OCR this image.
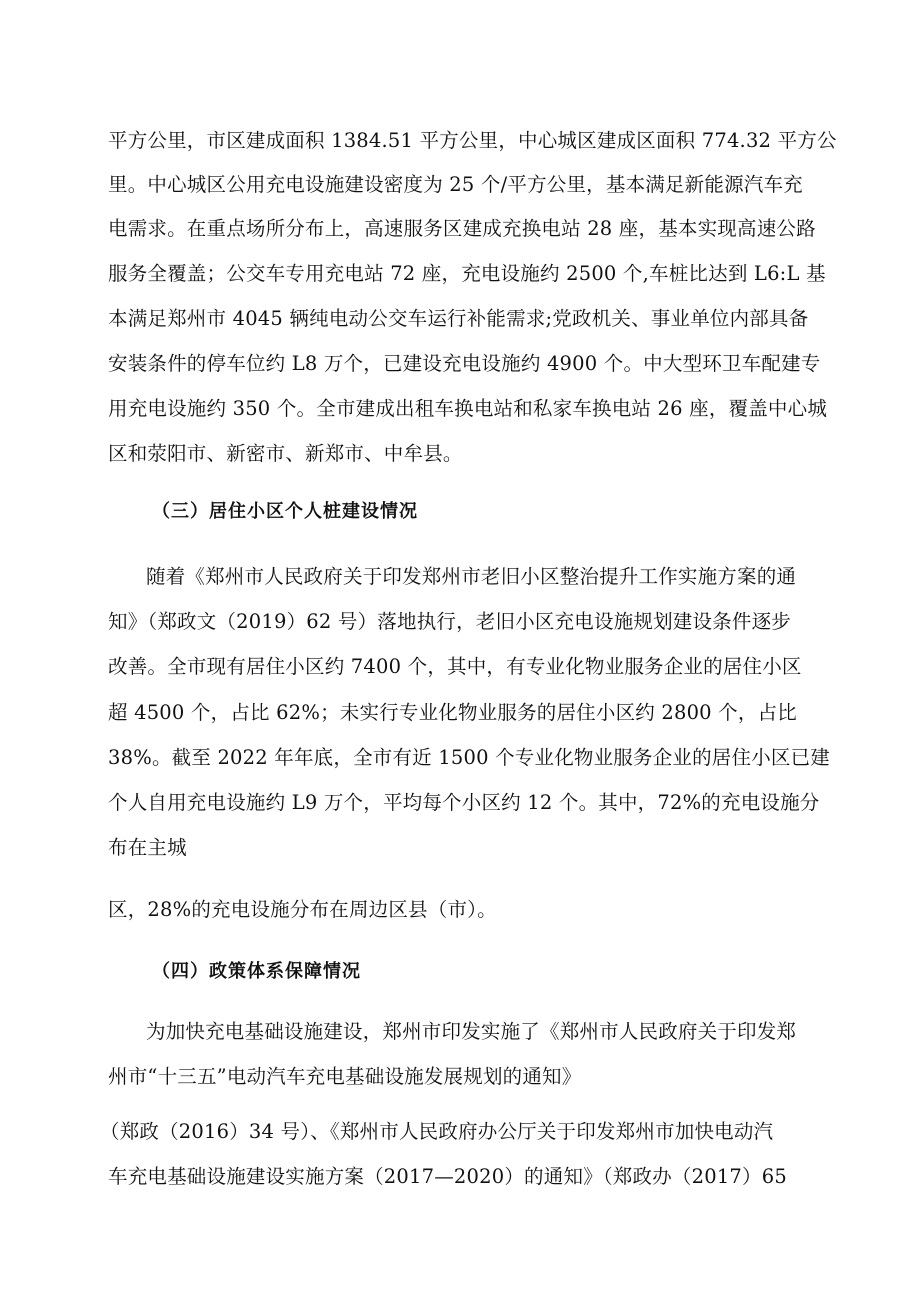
平方公里，市区建成面积 1384.51 平方公里，中心城区建成区面积 774.32 平方公
里。中心城区公用充电设施建设密度为 25 个/平方公里，基本满足新能源汽车充
电需求。在重点场所分布上，高速服务区建成充换电站 28 座，基本实现高速公路
服务全覆盖；公交车专用充电站 72 座，充电设施约 2500 个,车桩比达到 L6:L 基
本满足郑州市 4045 辆纯电动公交车运行补能需求;党政机关、事业单位内部具备
安装条件的停车位约 L8 万个，已建设充电设施约 4900 个。中大型环卫车配建专
用充电设施约 350 个。全市建成出租车换电站和私家车换电站 26 座，覆盖中心城
区和荥阳市、新密市、新郑市、中牟县。
（三）居住小区个人桩建设情况
随着《郑州市人民政府关于印发郑州市老旧小区整治提升工作实施方案的通
知》（郑政文（2019）62 号）落地执行，老旧小区充电设施规划建设条件逐步
改善。全市现有居住小区约 7400 个，其中，有专业化物业服务企业的居住小区
超 4500 个，占比 62%；未实行专业化物业服务的居住小区约 2800 个，占比
38%。截至 2022 年年底，全市有近 1500 个专业化物业服务企业的居住小区已建
个人自用充电设施约 L9 万个，平均每个小区约 12 个。其中，72%的充电设施分
布在主城
区，28%的充电设施分布在周边区县（市）。
（四）政策体系保障情况
为加快充电基础设施建设，郑州市印发实施了《郑州市人民政府关于印发郑
州市“十三五”电动汽车充电基础设施发展规划的通知》
（郑政（2016）34 号）、《郑州市人民政府办公厅关于印发郑州市加快电动汽
车充电基础设施建设实施方案（2017—2020）的通知》（郑政办（2017）65
